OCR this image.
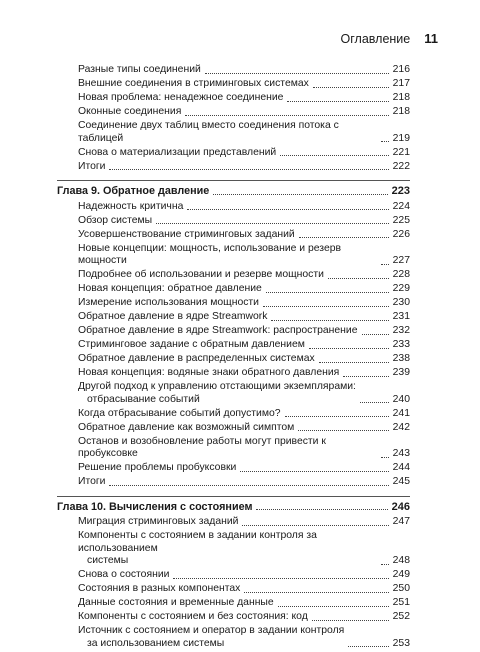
Оглавление 11
Разные типы соединений	216
Внешние соединения в стриминговых системах	217
Новая проблема: ненадежное соединение	218
Оконные соединения	218
Соединение двух таблиц вместо соединения потока с таблицей	219
Снова о материализации представлений	221
Итоги	222
Глава 9. Обратное давление	223
Надежность критична	224
Обзор системы	225
Усовершенствование стриминговых заданий	226
Новые концепции: мощность, использование и резерв мощности	227
Подробнее об использовании и резерве мощности	228
Новая концепция: обратное давление	229
Измерение использования мощности	230
Обратное давление в ядре Streamwork	231
Обратное давление в ядре Streamwork: распространение	232
Стриминговое задание с обратным давлением	233
Обратное давление в распределенных системах	238
Новая концепция: водяные знаки обратного давления	239
Другой подход к управлению отстающими экземплярами:
отбрасывание событий	240
Когда отбрасывание событий допустимо?	241
Обратное давление как возможный симптом	242
Останов и возобновление работы могут привести к пробуксовке	243
Решение проблемы пробуксовки	244
Итоги	245
Глава 10. Вычисления с состоянием	246
Миграция стриминговых заданий	247
Компоненты с состоянием в задании контроля за использованием
системы	248
Снова о состоянии	249
Состояния в разных компонентах	250
Данные состояния и временные данные	251
Компоненты с состоянием и без состояния: код	252
Источник с состоянием и оператор в задании контроля
за использованием системы	253
